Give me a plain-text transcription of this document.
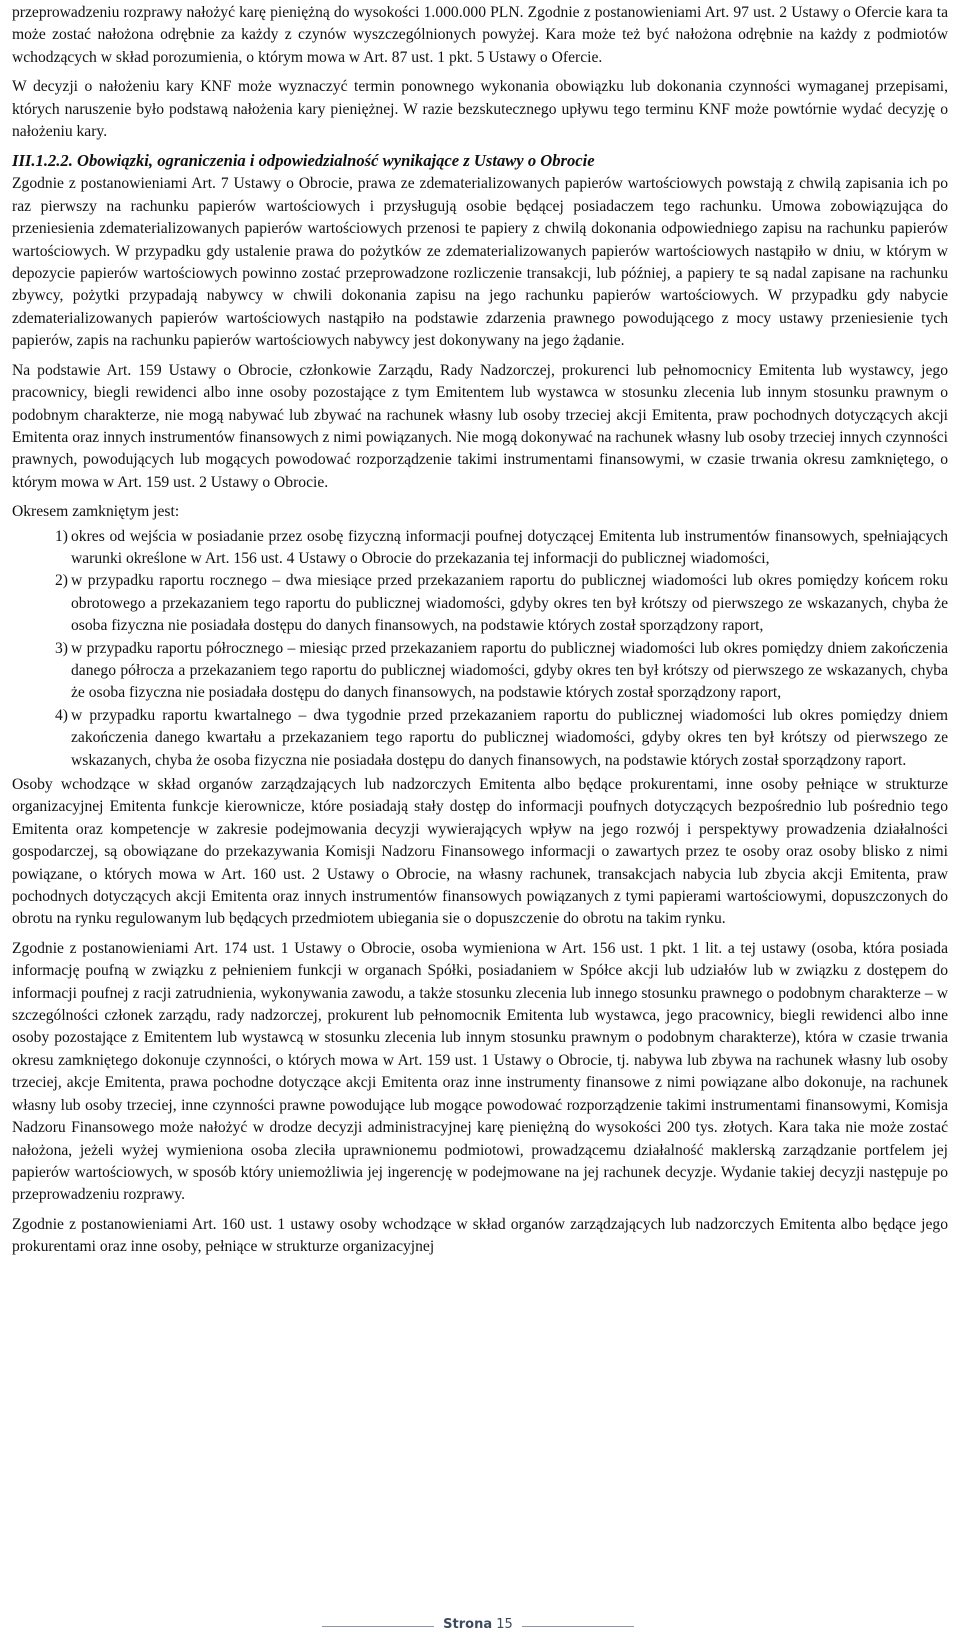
przeprowadzeniu rozprawy nałożyć karę pieniężną do wysokości 1.000.000 PLN. Zgodnie z postanowieniami Art. 97 ust. 2 Ustawy o Ofercie kara ta może zostać nałożona odrębnie za każdy z czynów wyszczególnionych powyżej. Kara może też być nałożona odrębnie na każdy z podmiotów wchodzących w skład porozumienia, o którym mowa w Art. 87 ust. 1 pkt. 5 Ustawy o Ofercie.

W decyzji o nałożeniu kary KNF może wyznaczyć termin ponownego wykonania obowiązku lub dokonania czynności wymaganej przepisami, których naruszenie było podstawą nałożenia kary pieniężnej. W razie bezskutecznego upływu tego terminu KNF może powtórnie wydać decyzję o nałożeniu kary.

III.1.2.2. Obowiązki, ograniczenia i odpowiedzialność wynikające z Ustawy o Obrocie

Zgodnie z postanowieniami Art. 7 Ustawy o Obrocie, prawa ze zdematerializowanych papierów wartościowych powstają z chwilą zapisania ich po raz pierwszy na rachunku papierów wartościowych i przysługują osobie będącej posiadaczem tego rachunku. Umowa zobowiązująca do przeniesienia zdematerializowanych papierów wartościowych przenosi te papiery z chwilą dokonania odpowiedniego zapisu na rachunku papierów wartościowych. W przypadku gdy ustalenie prawa do pożytków ze zdematerializowanych papierów wartościowych nastąpiło w dniu, w którym w depozycie papierów wartościowych powinno zostać przeprowadzone rozliczenie transakcji, lub później, a papiery te są nadal zapisane na rachunku zbywcy, pożytki przypadają nabywcy w chwili dokonania zapisu na jego rachunku papierów wartościowych. W przypadku gdy nabycie zdematerializowanych papierów wartościowych nastąpiło na podstawie zdarzenia prawnego powodującego z mocy ustawy przeniesienie tych papierów, zapis na rachunku papierów wartościowych nabywcy jest dokonywany na jego żądanie.

Na podstawie Art. 159 Ustawy o Obrocie, członkowie Zarządu, Rady Nadzorczej, prokurenci lub pełnomocnicy Emitenta lub wystawcy, jego pracownicy, biegli rewidenci albo inne osoby pozostające z tym Emitentem lub wystawca w stosunku zlecenia lub innym stosunku prawnym o podobnym charakterze, nie mogą nabywać lub zbywać na rachunek własny lub osoby trzeciej akcji Emitenta, praw pochodnych dotyczących akcji Emitenta oraz innych instrumentów finansowych z nimi powiązanych. Nie mogą dokonywać na rachunek własny lub osoby trzeciej innych czynności prawnych, powodujących lub mogących powodować rozporządzenie takimi instrumentami finansowymi, w czasie trwania okresu zamkniętego, o którym mowa w Art. 159 ust. 2 Ustawy o Obrocie.

Okresem zamkniętym jest:

1) okres od wejścia w posiadanie przez osobę fizyczną informacji poufnej dotyczącej Emitenta lub instrumentów finansowych, spełniających warunki określone w Art. 156 ust. 4 Ustawy o Obrocie do przekazania tej informacji do publicznej wiadomości,
2) w przypadku raportu rocznego – dwa miesiące przed przekazaniem raportu do publicznej wiadomości lub okres pomiędzy końcem roku obrotowego a przekazaniem tego raportu do publicznej wiadomości, gdyby okres ten był krótszy od pierwszego ze wskazanych, chyba że osoba fizyczna nie posiadała dostępu do danych finansowych, na podstawie których został sporządzony raport,
3) w przypadku raportu półrocznego – miesiąc przed przekazaniem raportu do publicznej wiadomości lub okres pomiędzy dniem zakończenia danego półrocza a przekazaniem tego raportu do publicznej wiadomości, gdyby okres ten był krótszy od pierwszego ze wskazanych, chyba że osoba fizyczna nie posiadała dostępu do danych finansowych, na podstawie których został sporządzony raport,
4) w przypadku raportu kwartalnego – dwa tygodnie przed przekazaniem raportu do publicznej wiadomości lub okres pomiędzy dniem zakończenia danego kwartału a przekazaniem tego raportu do publicznej wiadomości, gdyby okres ten był krótszy od pierwszego ze wskazanych, chyba że osoba fizyczna nie posiadała dostępu do danych finansowych, na podstawie których został sporządzony raport.

Osoby wchodzące w skład organów zarządzających lub nadzorczych Emitenta albo będące prokurentami, inne osoby pełniące w strukturze organizacyjnej Emitenta funkcje kierownicze, które posiadają stały dostęp do informacji poufnych dotyczących bezpośrednio lub pośrednio tego Emitenta oraz kompetencje w zakresie podejmowania decyzji wywierających wpływ na jego rozwój i perspektywy prowadzenia działalności gospodarczej, są obowiązane do przekazywania Komisji Nadzoru Finansowego informacji o zawartych przez te osoby oraz osoby blisko z nimi powiązane, o których mowa w Art. 160 ust. 2 Ustawy o Obrocie, na własny rachunek, transakcjach nabycia lub zbycia akcji Emitenta, praw pochodnych dotyczących akcji Emitenta oraz innych instrumentów finansowych powiązanych z tymi papierami wartościowymi, dopuszczonych do obrotu na rynku regulowanym lub będących przedmiotem ubiegania sie o dopuszczenie do obrotu na takim rynku.

Zgodnie z postanowieniami Art. 174 ust. 1 Ustawy o Obrocie, osoba wymieniona w Art. 156 ust. 1 pkt. 1 lit. a tej ustawy (osoba, która posiada informację poufną w związku z pełnieniem funkcji w organach Spółki, posiadaniem w Spółce akcji lub udziałów lub w związku z dostępem do informacji poufnej z racji zatrudnienia, wykonywania zawodu, a także stosunku zlecenia lub innego stosunku prawnego o podobnym charakterze – w szczególności członek zarządu, rady nadzorczej, prokurent lub pełnomocnik Emitenta lub wystawca, jego pracownicy, biegli rewidenci albo inne osoby pozostające z Emitentem lub wystawcą w stosunku zlecenia lub innym stosunku prawnym o podobnym charakterze), która w czasie trwania okresu zamkniętego dokonuje czynności, o których mowa w Art. 159 ust. 1 Ustawy o Obrocie, tj. nabywa lub zbywa na rachunek własny lub osoby trzeciej, akcje Emitenta, prawa pochodne dotyczące akcji Emitenta oraz inne instrumenty finansowe z nimi powiązane albo dokonuje, na rachunek własny lub osoby trzeciej, inne czynności prawne powodujące lub mogące powodować rozporządzenie takimi instrumentami finansowymi, Komisja Nadzoru Finansowego może nałożyć w drodze decyzji administracyjnej karę pieniężną do wysokości 200 tys. złotych. Kara taka nie może zostać nałożona, jeżeli wyżej wymieniona osoba zleciła uprawnionemu podmiotowi, prowadzącemu działalność maklerską zarządzanie portfelem jej papierów wartościowych, w sposób który uniemożliwia jej ingerencję w podejmowane na jej rachunek decyzje. Wydanie takiej decyzji następuje po przeprowadzeniu rozprawy.

Zgodnie z postanowieniami Art. 160 ust. 1 ustawy osoby wchodzące w skład organów zarządzających lub nadzorczych Emitenta albo będące jego prokurentami oraz inne osoby, pełniące w strukturze organizacyjnej

Strona 15
